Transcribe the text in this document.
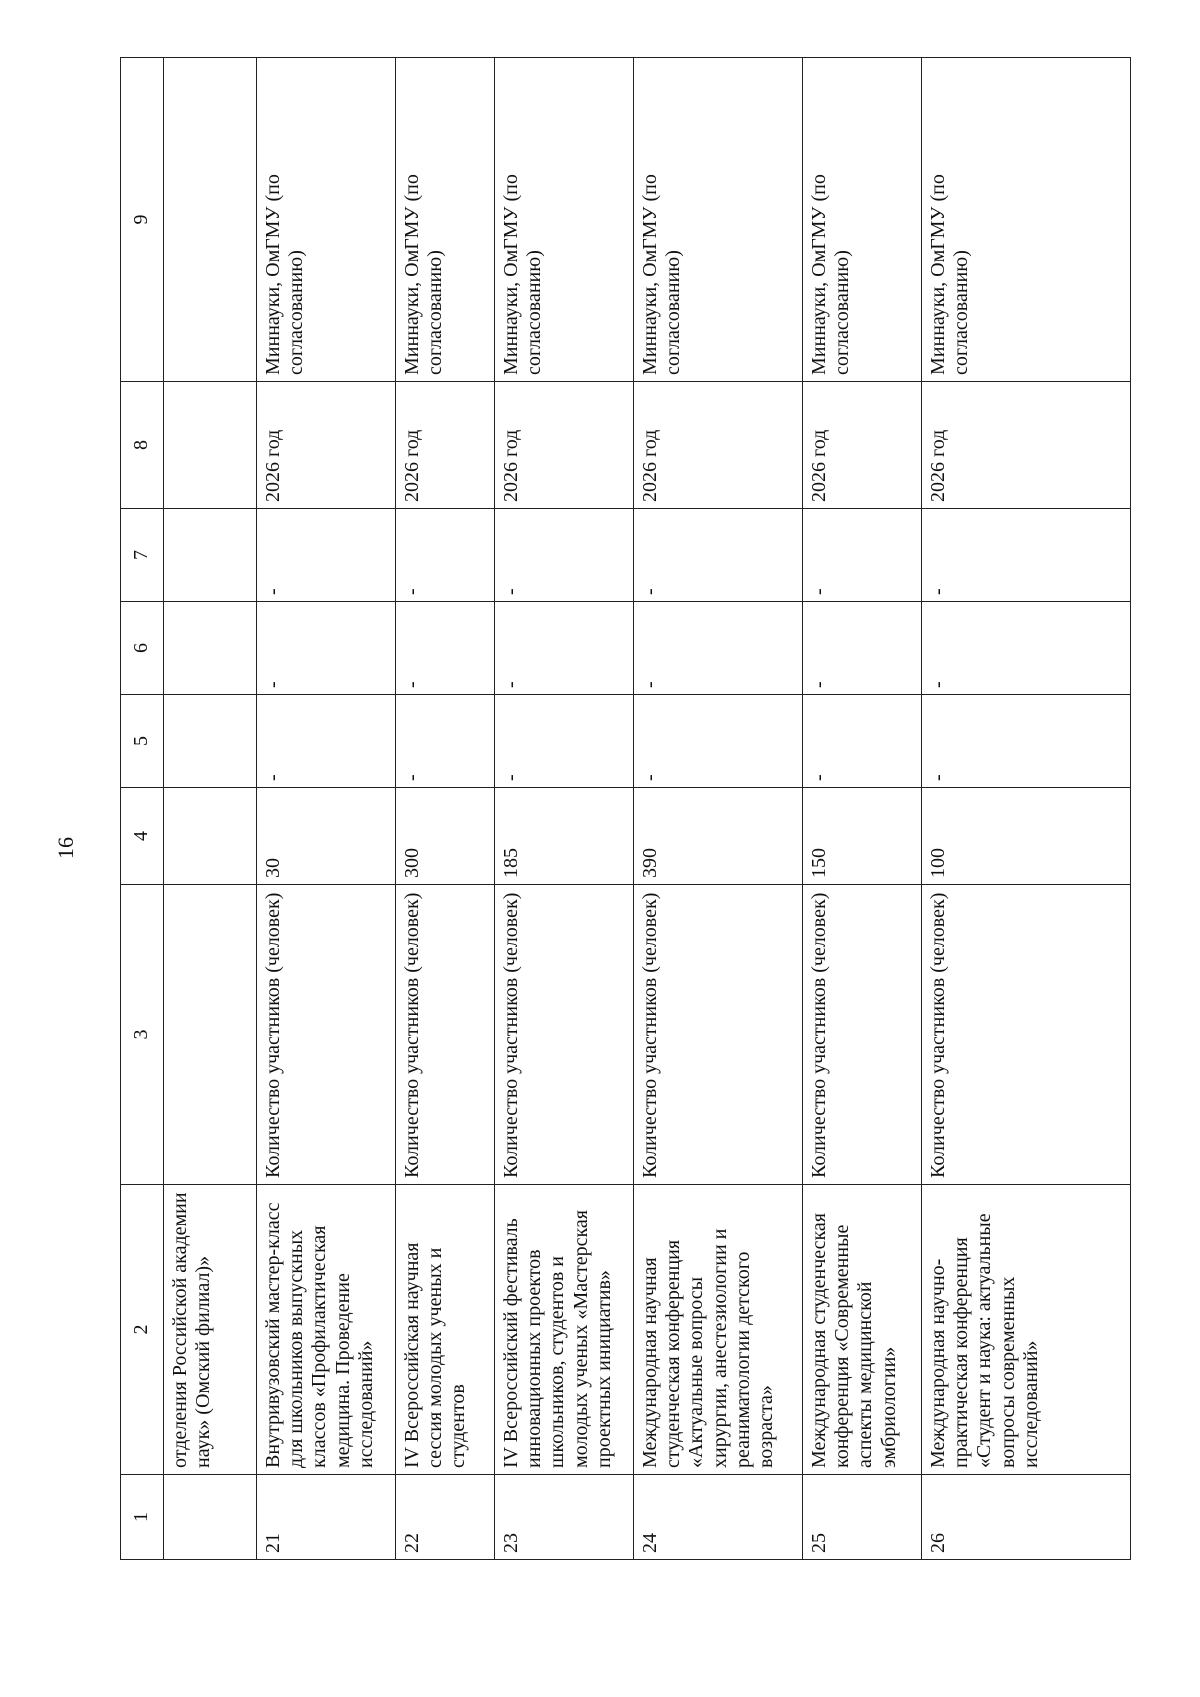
16
1	2	3	4	5	6	7	8	9
	отделения Российской академии наук» (Омский филиал)»							
21	Внутривузовский мастер-класс для школьников выпускных классов «Профилактическая медицина. Проведение исследований»	Количество участников (человек)	30	-	-	-	2026 год	Миннауки, ОмГМУ (по согласованию)
22	IV Всероссийская научная сессия молодых ученых и студентов	Количество участников (человек)	300	-	-	-	2026 год	Миннауки, ОмГМУ (по согласованию)
23	IV Всероссийский фестиваль инновационных проектов школьников, студентов и молодых ученых «Мастерская проектных инициатив»	Количество участников (человек)	185	-	-	-	2026 год	Миннауки, ОмГМУ (по согласованию)
24	Международная научная студенческая конференция «Актуальные вопросы хирургии, анестезиологии и реаниматологии детского возраста»	Количество участников (человек)	390	-	-	-	2026 год	Миннауки, ОмГМУ (по согласованию)
25	Международная студенческая конференция «Современные аспекты медицинской эмбриологии»	Количество участников (человек)	150	-	-	-	2026 год	Миннауки, ОмГМУ (по согласованию)
26	Международная научно-практическая конференция «Студент и наука: актуальные вопросы современных исследований»	Количество участников (человек)	100	-	-	-	2026 год	Миннауки, ОмГМУ (по согласованию)
